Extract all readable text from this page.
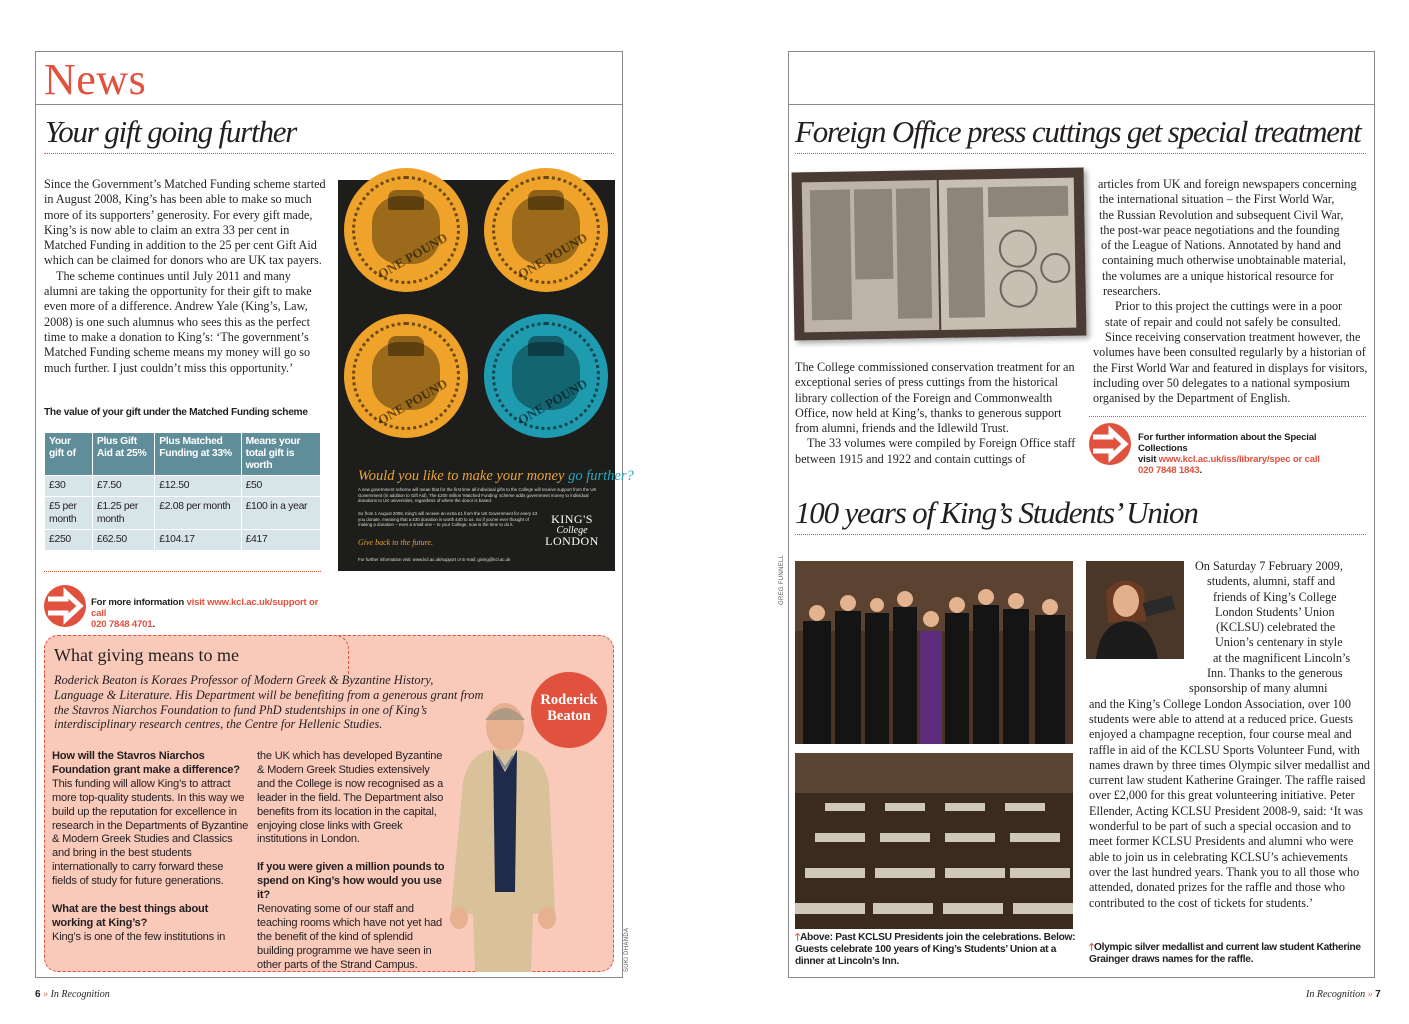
News
Your gift going further

Since the Government’s Matched Funding scheme started in August 2008, King’s has been able to make so much more of its supporters’ generosity. For every gift made, King’s is now able to claim an extra 33 per cent in Matched Funding in addition to the 25 per cent Gift Aid which can be claimed for donors who are UK tax payers.

The scheme continues until July 2011 and many alumni are taking the opportunity for their gift to make even more of a difference. Andrew Yale (King’s, Law, 2008) is one such alumnus who sees this as the perfect time to make a donation to King’s: ‘The government’s Matched Funding scheme means my money will go so much further. I just couldn’t miss this opportunity.’

The value of your gift under the Matched Funding scheme
Your gift of	Plus Gift Aid at 25%	Plus Matched Funding at 33%	Means your total gift is worth
£30	£7.50	£12.50	£50
£5 per month	£1.25 per month	£2.08 per month	£100 in a year
£250	£62.50	£104.17	£417
For more information visit www.kcl.ac.uk/support or call
020 7848 4701.
ONE POUND	ONE POUND
ONE POUND	ONE POUND
Would you like to make your money go further?
A new government scheme will mean that for the first time all individual gifts to the College will receive support from the UK Government (in addition to Gift Aid). The £200 million 'Matched Funding' scheme adds government money to individual donations to UK universities, regardless of where the donor is based.
So from 1 August 2008, King's will receive an extra £1 from the UK Government for every £3 you donate, meaning that a £30 donation is worth £40 to us. So if you've ever thought of making a donation – even a small one – to your College, now is the time to do it.
Give back to the future.
For further information visit: www.kcl.ac.uk/support or E-mail: giving@kcl.ac.uk
KING'S
College
LONDON
What giving means to me
Roderick Beaton is Koraes Professor of Modern Greek & Byzantine History, Language & Literature. His Department will be benefiting from a generous grant from the Stavros Niarchos Foundation to fund PhD studentships in one of King’s interdisciplinary research centres, the Centre for Hellenic Studies.
Roderick
Beaton
How will the Stavros Niarchos Foundation grant make a difference?
This funding will allow King’s to attract more top-quality students. In this way we build up the reputation for excellence in research in the Departments of Byzantine & Modern Greek Studies and Classics and bring in the best students internationally to carry forward these fields of study for future generations.
What are the best things about working at King’s?
King’s is one of the few institutions in
the UK which has developed Byzantine & Modern Greek Studies extensively and the College is now recognised as a leader in the field. The Department also benefits from its location in the capital, enjoying close links with Greek institutions in London.
If you were given a million pounds to spend on King’s how would you use it?
Renovating some of our staff and teaching rooms which have not yet had the benefit of the kind of splendid building programme we have seen in other parts of the Strand Campus.	SUKI DHANDA
6 » In Recognition
Foreign Office press cuttings get special treatment

The College commissioned conservation treatment for an exceptional series of press cuttings from the historical library collection of the Foreign and Commonwealth Office, now held at King’s, thanks to generous support from alumni, friends and the Idlewild Trust.

The 33 volumes were compiled by Foreign Office staff between 1915 and 1922 and contain cuttings of

articles from UK and foreign newspapers concerning
the international situation – the First World War,
the Russian Revolution and subsequent Civil War,
the post-war peace negotiations and the founding
of the League of Nations. Annotated by hand and
containing much otherwise unobtainable material,
the volumes are a unique historical resource for
researchers.
Prior to this project the cuttings were in a poor
state of repair and could not safely be consulted.

Since receiving conservation treatment however, the volumes have been consulted regularly by a historian of the First World War and featured in displays for visitors, including over 50 delegates to a national symposium organised by the Department of English.

For further information about the Special Collections
visit www.kcl.ac.uk/iss/library/spec or call
020 7848 1843.
100 years of King’s Students’ Union
GREG FUNNELL
🡑Above: Past KCLSU Presidents join the celebrations. Below: Guests celebrate 100 years of King’s Students’ Union at a dinner at Lincoln’s Inn.
On Saturday 7 February 2009,
students, alumni, staff and
friends of King’s College
London Students’ Union
(KCLSU) celebrated the
Union’s centenary in style
at the magnificent Lincoln’s
Inn. Thanks to the generous
sponsorship of many alumni

and the King’s College London Association, over 100 students were able to attend at a reduced price. Guests enjoyed a champagne reception, four course meal and raffle in aid of the KCLSU Sports Volunteer Fund, with names drawn by three times Olympic silver medallist and current law student Katherine Grainger. The raffle raised over £2,000 for this great volunteering initiative. Peter Ellender, Acting KCLSU President 2008-9, said: ‘It was wonderful to be part of such a special occasion and to meet former KCLSU Presidents and alumni who were able to join us in celebrating KCLSU’s achievements over the last hundred years. Thank you to all those who attended, donated prizes for the raffle and those who contributed to the cost of tickets for students.’

🡑Olympic silver medallist and current law student Katherine Grainger draws names for the raffle.
In Recognition » 7
